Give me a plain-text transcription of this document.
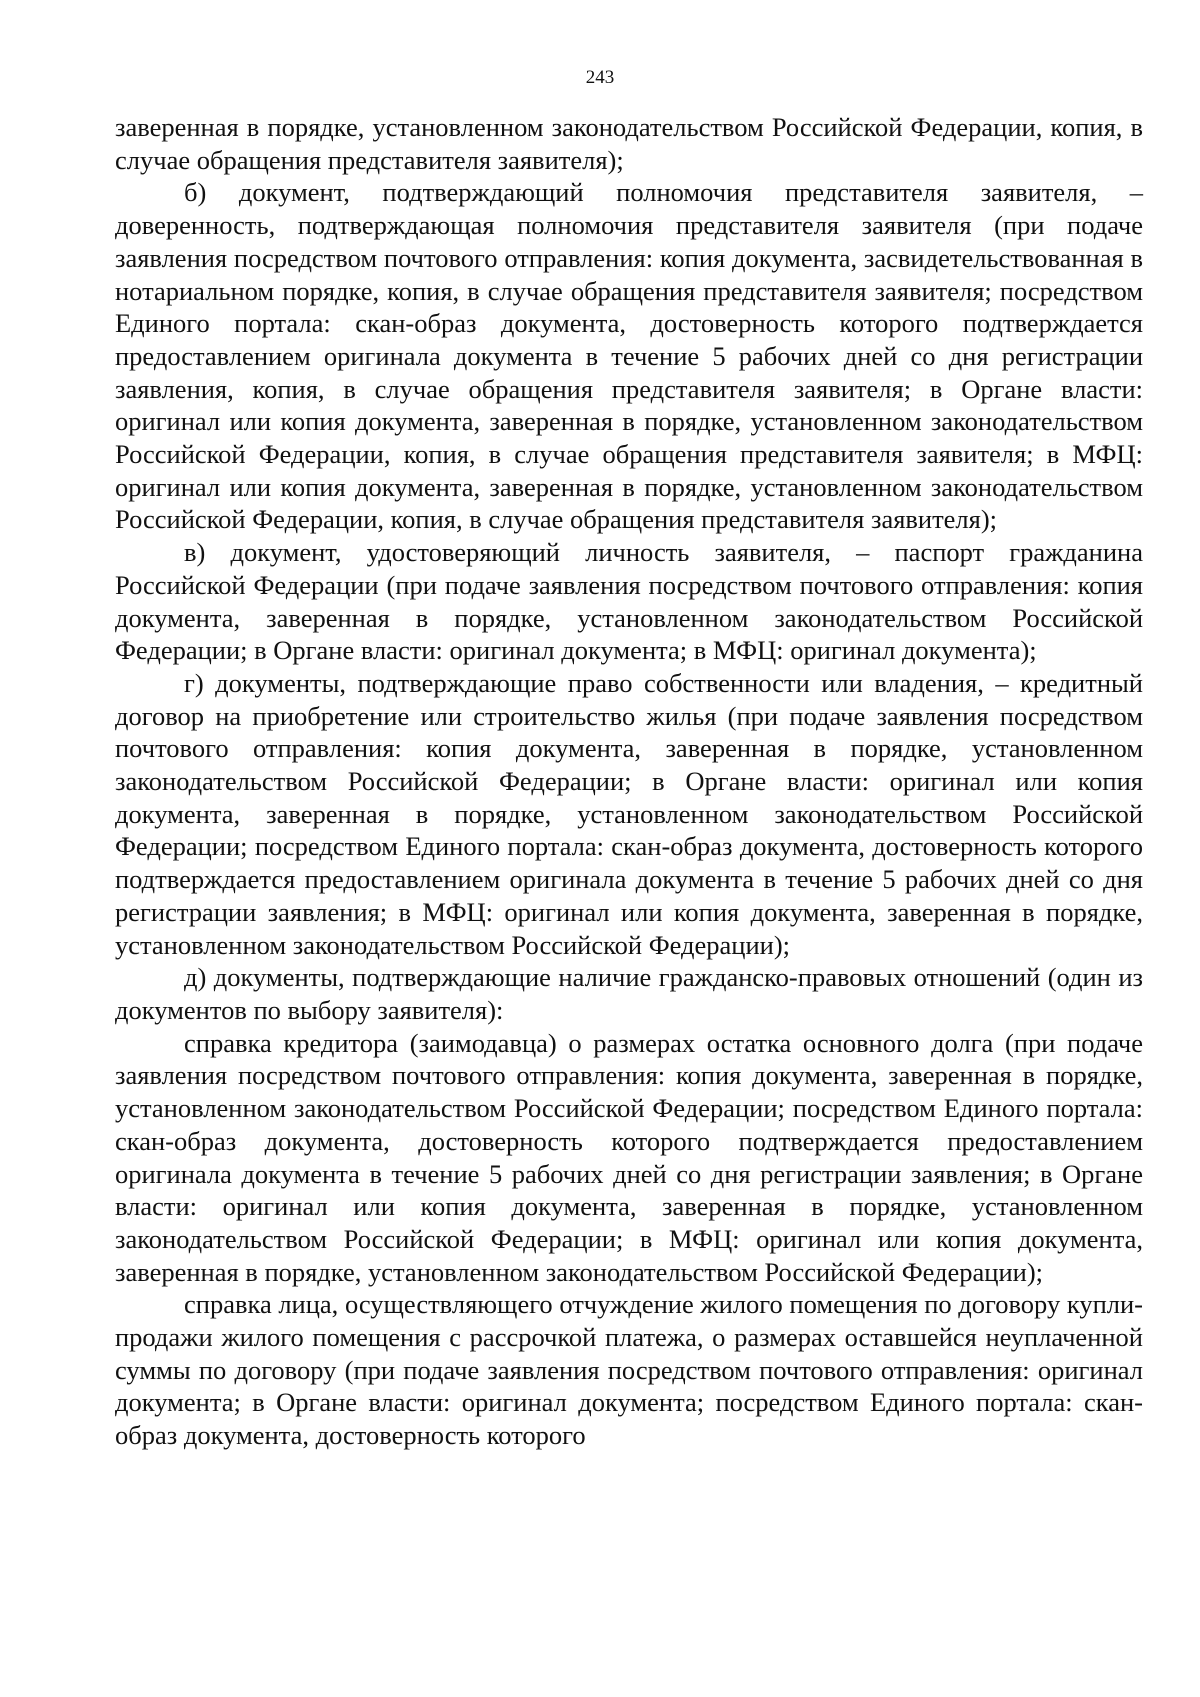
243

заверенная в порядке, установленном законодательством Российской Федерации, копия, в случае обращения представителя заявителя);

б) документ, подтверждающий полномочия представителя заявителя, – доверенность, подтверждающая полномочия представителя заявителя (при подаче заявления посредством почтового отправления: копия документа, засвидетельствованная в нотариальном порядке, копия, в случае обращения представителя заявителя; посредством Единого портала: скан-образ документа, достоверность которого подтверждается предоставлением оригинала документа в течение 5 рабочих дней со дня регистрации заявления, копия, в случае обращения представителя заявителя; в Органе власти: оригинал или копия документа, заверенная в порядке, установленном законодательством Российской Федерации, копия, в случае обращения представителя заявителя; в МФЦ: оригинал или копия документа, заверенная в порядке, установленном законодательством Российской Федерации, копия, в случае обращения представителя заявителя);

в) документ, удостоверяющий личность заявителя, – паспорт гражданина Российской Федерации (при подаче заявления посредством почтового отправления: копия документа, заверенная в порядке, установленном законодательством Российской Федерации; в Органе власти: оригинал документа; в МФЦ: оригинал документа);

г) документы, подтверждающие право собственности или владения, – кредитный договор на приобретение или строительство жилья (при подаче заявления посредством почтового отправления: копия документа, заверенная в порядке, установленном законодательством Российской Федерации; в Органе власти: оригинал или копия документа, заверенная в порядке, установленном законодательством Российской Федерации; посредством Единого портала: скан-образ документа, достоверность которого подтверждается предоставлением оригинала документа в течение 5 рабочих дней со дня регистрации заявления; в МФЦ: оригинал или копия документа, заверенная в порядке, установленном законодательством Российской Федерации);

д) документы, подтверждающие наличие гражданско-правовых отношений (один из документов по выбору заявителя):

справка кредитора (заимодавца) о размерах остатка основного долга (при подаче заявления посредством почтового отправления: копия документа, заверенная в порядке, установленном законодательством Российской Федерации; посредством Единого портала: скан-образ документа, достоверность которого подтверждается предоставлением оригинала документа в течение 5 рабочих дней со дня регистрации заявления; в Органе власти: оригинал или копия документа, заверенная в порядке, установленном законодательством Российской Федерации; в МФЦ: оригинал или копия документа, заверенная в порядке, установленном законодательством Российской Федерации);

справка лица, осуществляющего отчуждение жилого помещения по договору купли-продажи жилого помещения с рассрочкой платежа, о размерах оставшейся неуплаченной суммы по договору (при подаче заявления посредством почтового отправления: оригинал документа; в Органе власти: оригинал документа; посредством Единого портала: скан-образ документа, достоверность которого
